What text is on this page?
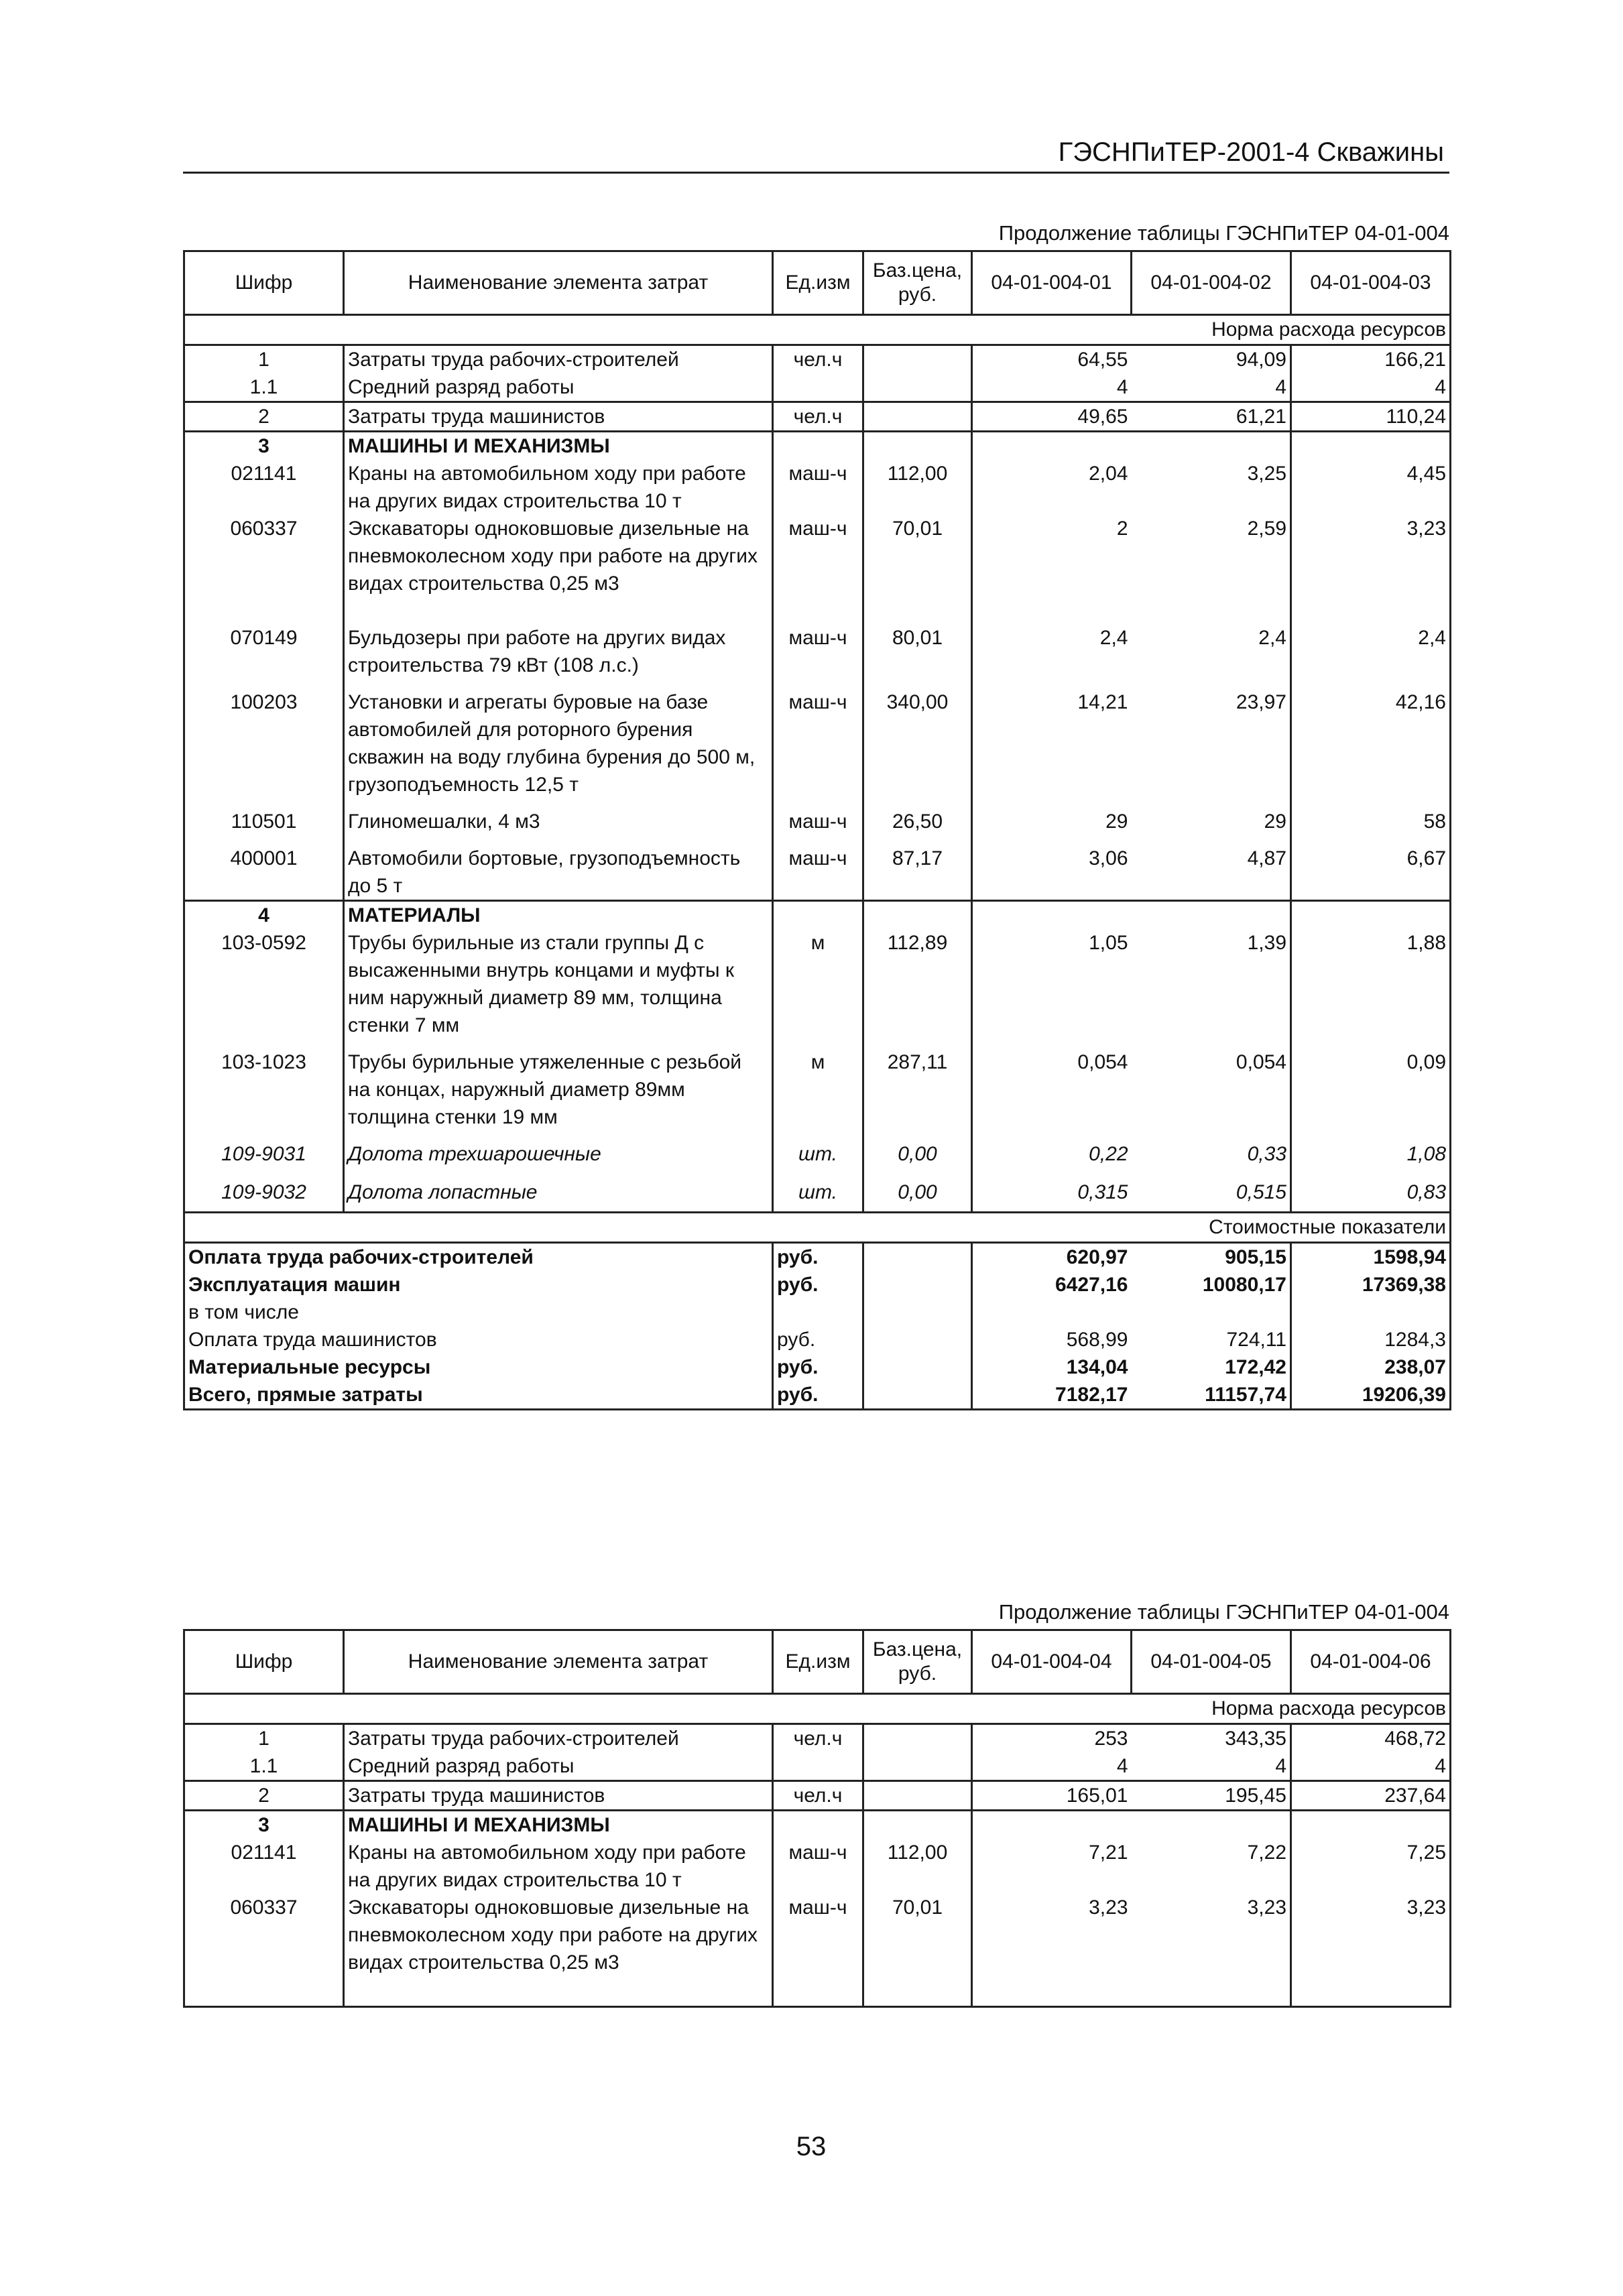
ГЭСНПиТЕР-2001-4 Скважины
Продолжение таблицы ГЭСНПиТЕР 04-01-004
Шифр	Наименование элемента затрат	Ед.изм	Баз.цена, руб.	04-01-004-01	04-01-004-02	04-01-004-03
Норма расхода ресурсов						
1	Затраты труда рабочих-строителей	чел.ч		64,55	94,09	166,21
1.1	Средний разряд работы			4	4	4
2	Затраты труда машинистов	чел.ч		49,65	61,21	110,24
3	МАШИНЫ И МЕХАНИЗМЫ					
021141	Краны на автомобильном ходу при работе на других видах строительства 10 т	маш-ч	112,00	2,04	3,25	4,45
060337	Экскаваторы одноковшовые дизельные на пневмоколесном ходу при работе на других видах строительства 0,25 м3	маш-ч	70,01	2	2,59	3,23
070149	Бульдозеры при работе на других видах строительства 79 кВт (108 л.с.)	маш-ч	80,01	2,4	2,4	2,4
100203	Установки и агрегаты буровые на базе автомобилей для роторного бурения скважин на воду глубина бурения до 500 м, грузоподъемность 12,5 т	маш-ч	340,00	14,21	23,97	42,16
110501	Глиномешалки, 4 м3	маш-ч	26,50	29	29	58
400001	Автомобили бортовые, грузоподъемность до 5 т	маш-ч	87,17	3,06	4,87	6,67
4	МАТЕРИАЛЫ					
103-0592	Трубы бурильные из стали группы Д с высаженными внутрь концами и муфты к ним наружный диаметр 89 мм, толщина стенки 7 мм	м	112,89	1,05	1,39	1,88
103-1023	Трубы бурильные утяжеленные с резьбой на концах, наружный диаметр 89мм толщина стенки 19 мм	м	287,11	0,054	0,054	0,09
109-9031	Долота трехшарошечные	шт.	0,00	0,22	0,33	1,08
109-9032	Долота лопастные	шт.	0,00	0,315	0,515	0,83
Стоимостные показатели						
Оплата труда рабочих-строителей		руб.		620,97	905,15	1598,94
Эксплуатация машин		руб.		6427,16	10080,17	17369,38
в том числе						
Оплата труда машинистов		руб.		568,99	724,11	1284,3
Материальные ресурсы		руб.		134,04	172,42	238,07
Всего, прямые затраты		руб.		7182,17	11157,74	19206,39
Продолжение таблицы ГЭСНПиТЕР 04-01-004
Шифр	Наименование элемента затрат	Ед.изм	Баз.цена, руб.	04-01-004-04	04-01-004-05	04-01-004-06
Норма расхода ресурсов						
1	Затраты труда рабочих-строителей	чел.ч		253	343,35	468,72
1.1	Средний разряд работы			4	4	4
2	Затраты труда машинистов	чел.ч		165,01	195,45	237,64
3	МАШИНЫ И МЕХАНИЗМЫ					
021141	Краны на автомобильном ходу при работе на других видах строительства 10 т	маш-ч	112,00	7,21	7,22	7,25
060337	Экскаваторы одноковшовые дизельные на пневмоколесном ходу при работе на других видах строительства 0,25 м3	маш-ч	70,01	3,23	3,23	3,23
53
